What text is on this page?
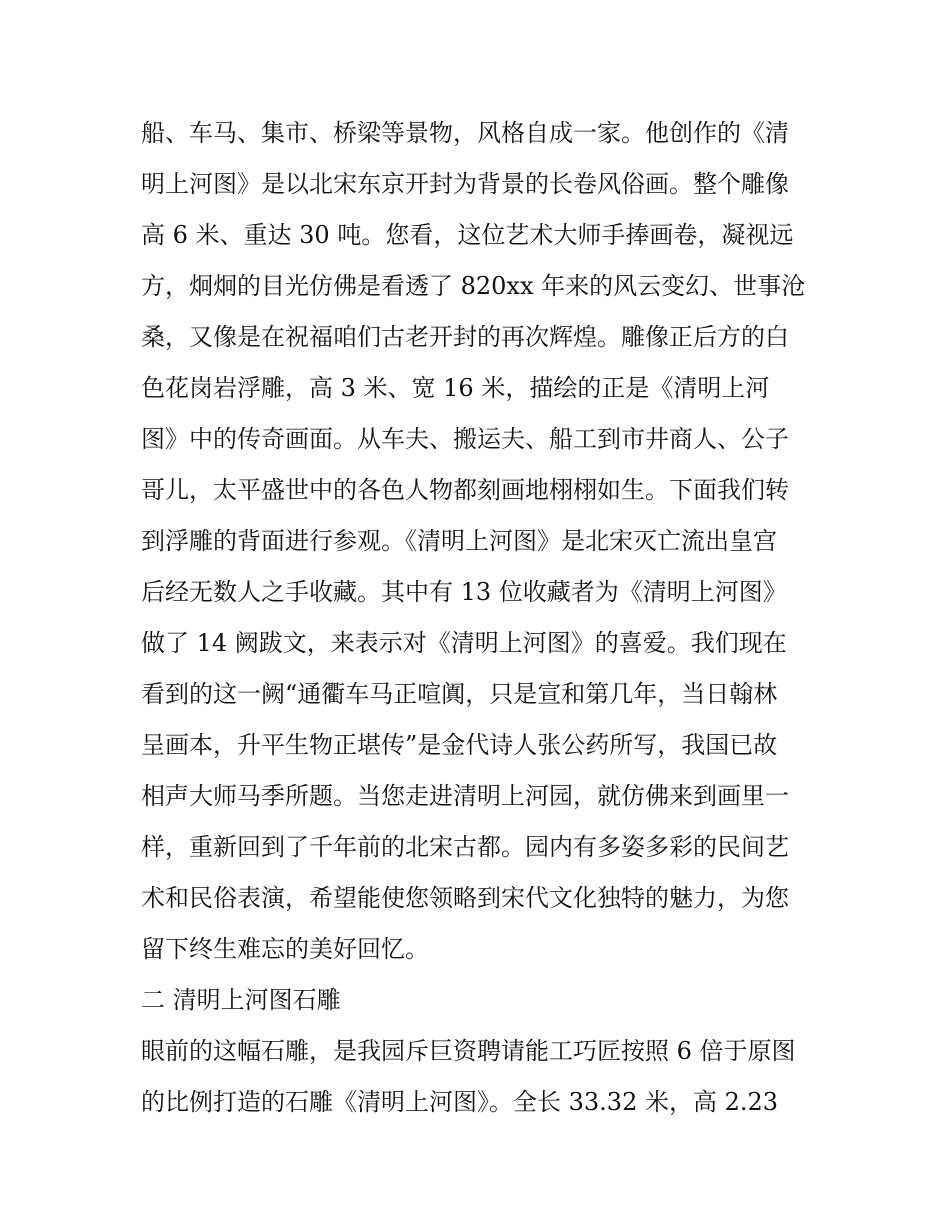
船、车马、集市、桥梁等景物，风格自成一家。他创作的《清
明上河图》是以北宋东京开封为背景的长卷风俗画。整个雕像
高 6 米、重达 30 吨。您看，这位艺术大师手捧画卷，凝视远
方，炯炯的目光仿佛是看透了 820xx 年来的风云变幻、世事沧
桑，又像是在祝福咱们古老开封的再次辉煌。雕像正后方的白
色花岗岩浮雕，高 3 米、宽 16 米，描绘的正是《清明上河
图》中的传奇画面。从车夫、搬运夫、船工到市井商人、公子
哥儿，太平盛世中的各色人物都刻画地栩栩如生。下面我们转
到浮雕的背面进行参观。《清明上河图》是北宋灭亡流出皇宫
后经无数人之手收藏。其中有 13 位收藏者为《清明上河图》
做了 14 阙跋文，来表示对《清明上河图》的喜爱。我们现在
看到的这一阙“通衢车马正喧阗，只是宣和第几年，当日翰林
呈画本，升平生物正堪传”是金代诗人张公药所写，我国已故
相声大师马季所题。当您走进清明上河园，就仿佛来到画里一
样，重新回到了千年前的北宋古都。园内有多姿多彩的民间艺
术和民俗表演，希望能使您领略到宋代文化独特的魅力，为您
留下终生难忘的美好回忆。
二 清明上河图石雕
眼前的这幅石雕，是我园斥巨资聘请能工巧匠按照 6 倍于原图
的比例打造的石雕《清明上河图》。全长 33.32 米，高 2.23
